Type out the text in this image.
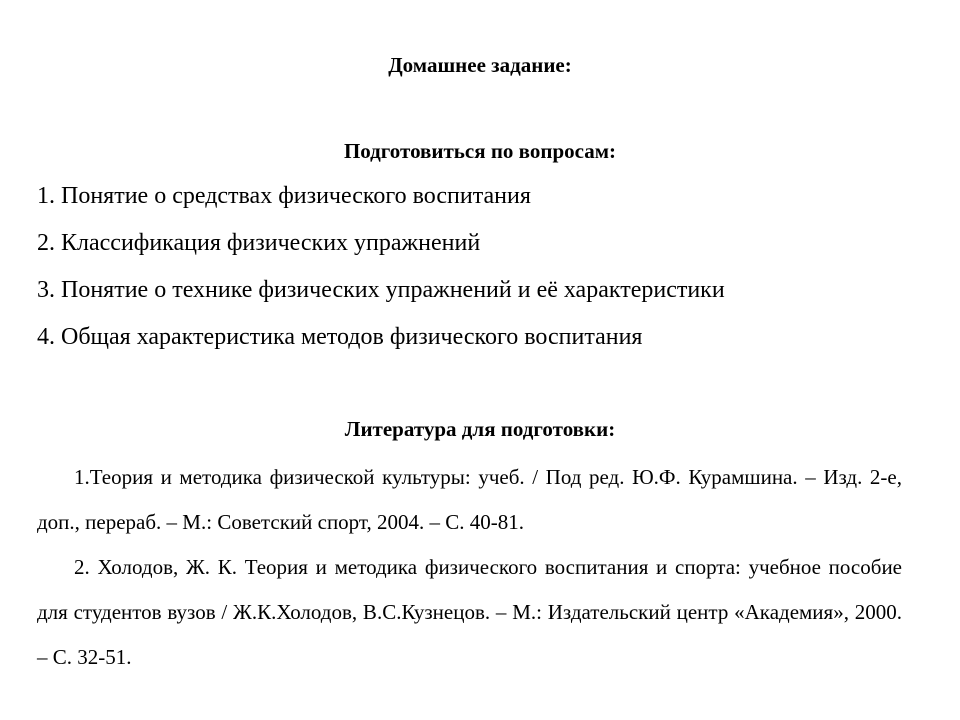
Домашнее задание:
Подготовиться по вопросам:
1. Понятие о средствах физического воспитания
2. Классификация физических упражнений
3. Понятие о технике физических упражнений и её характеристики
4. Общая характеристика методов физического воспитания
Литература для подготовки:

1.Теория и методика физической культуры: учеб. / Под ред. Ю.Ф. Курамшина. – Изд. 2-е, доп., перераб. – М.: Советский спорт, 2004. – С. 40-81.

2. Холодов, Ж. К. Теория и методика физического воспитания и спорта: учебное пособие для студентов вузов / Ж.К.Холодов, В.С.Кузнецов. – М.: Издательский центр «Академия», 2000. – С. 32-51.
